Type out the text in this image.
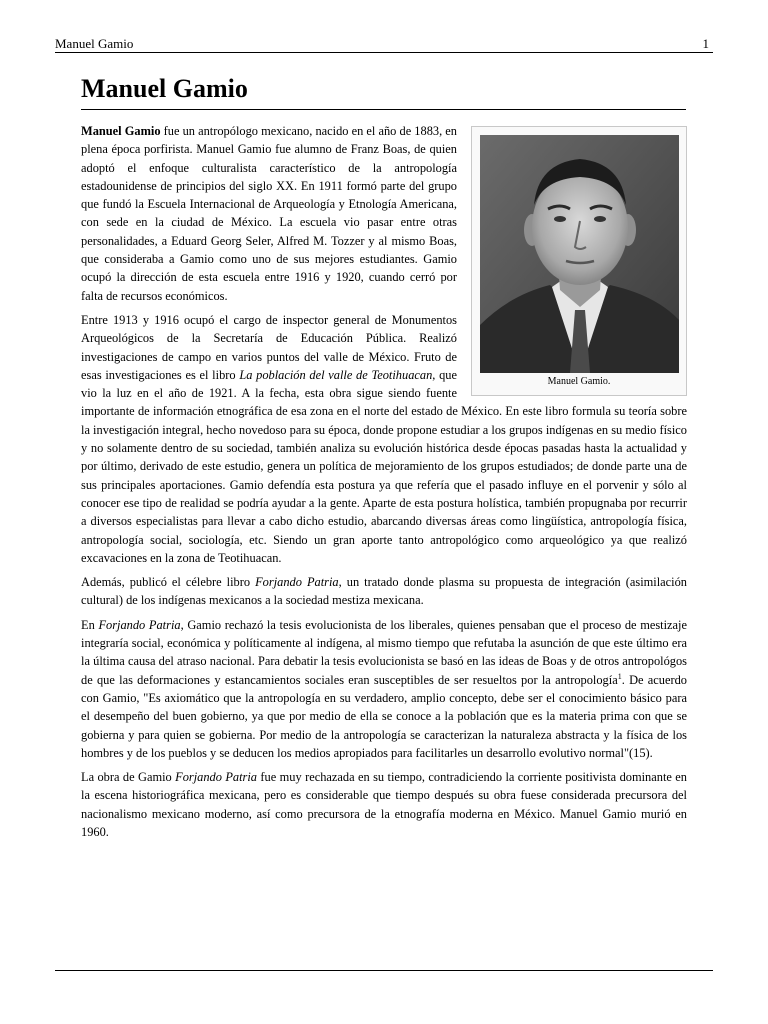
Manuel Gamio	1
Manuel Gamio
Manuel Gamio.

Manuel Gamio fue un antropólogo mexicano, nacido en el año de 1883, en plena época porfirista. Manuel Gamio fue alumno de Franz Boas, de quien adoptó el enfoque culturalista característico de la antropología estadounidense de principios del siglo XX. En 1911 formó parte del grupo que fundó la Escuela Internacional de Arqueología y Etnología Americana, con sede en la ciudad de México. La escuela vio pasar entre otras personalidades, a Eduard Georg Seler, Alfred M. Tozzer y al mismo Boas, que consideraba a Gamio como uno de sus mejores estudiantes. Gamio ocupó la dirección de esta escuela entre 1916 y 1920, cuando cerró por falta de recursos económicos.

Entre 1913 y 1916 ocupó el cargo de inspector general de Monumentos Arqueológicos de la Secretaría de Educación Pública. Realizó investigaciones de campo en varios puntos del valle de México. Fruto de esas investigaciones es el libro La población del valle de Teotihuacan, que vio la luz en el año de 1921. A la fecha, esta obra sigue siendo fuente importante de información etnográfica de esa zona en el norte del estado de México. En este libro formula su teoría sobre la investigación integral, hecho novedoso para su época, donde propone estudiar a los grupos indígenas en su medio físico y no solamente dentro de su sociedad, también analiza su evolución histórica desde épocas pasadas hasta la actualidad y por último, derivado de este estudio, genera un política de mejoramiento de los grupos estudiados; de donde parte una de sus principales aportaciones. Gamio defendía esta postura ya que refería que el pasado influye en el porvenir y sólo al conocer ese tipo de realidad se podría ayudar a la gente. Aparte de esta postura holística, también propugnaba por recurrir a diversos especialistas para llevar a cabo dicho estudio, abarcando diversas áreas como lingüística, antropología física, antropología social, sociología, etc. Siendo un gran aporte tanto antropológico como arqueológico ya que realizó excavaciones en la zona de Teotihuacan.

Además, publicó el célebre libro Forjando Patria, un tratado donde plasma su propuesta de integración (asimilación cultural) de los indígenas mexicanos a la sociedad mestiza mexicana.

En Forjando Patria, Gamio rechazó la tesis evolucionista de los liberales, quienes pensaban que el proceso de mestizaje integraría social, económica y políticamente al indígena, al mismo tiempo que refutaba la asunción de que este último era la última causa del atraso nacional. Para debatir la tesis evolucionista se basó en las ideas de Boas y de otros antropológos de que las deformaciones y estancamientos sociales eran susceptibles de ser resueltos por la antropología$^1$. De acuerdo con Gamio, "Es axiomático que la antropología en su verdadero, amplio concepto, debe ser el conocimiento básico para el desempeño del buen gobierno, ya que por medio de ella se conoce a la población que es la materia prima con que se gobierna y para quien se gobierna. Por medio de la antropología se caracterizan la naturaleza abstracta y la física de los hombres y de los pueblos y se deducen los medios apropiados para facilitarles un desarrollo evolutivo normal"(15).

La obra de Gamio Forjando Patria fue muy rechazada en su tiempo, contradiciendo la corriente positivista dominante en la escena historiográfica mexicana, pero es considerable que tiempo después su obra fuese considerada precursora del nacionalismo mexicano moderno, así como precursora de la etnografía moderna en México. Manuel Gamio murió en 1960.
